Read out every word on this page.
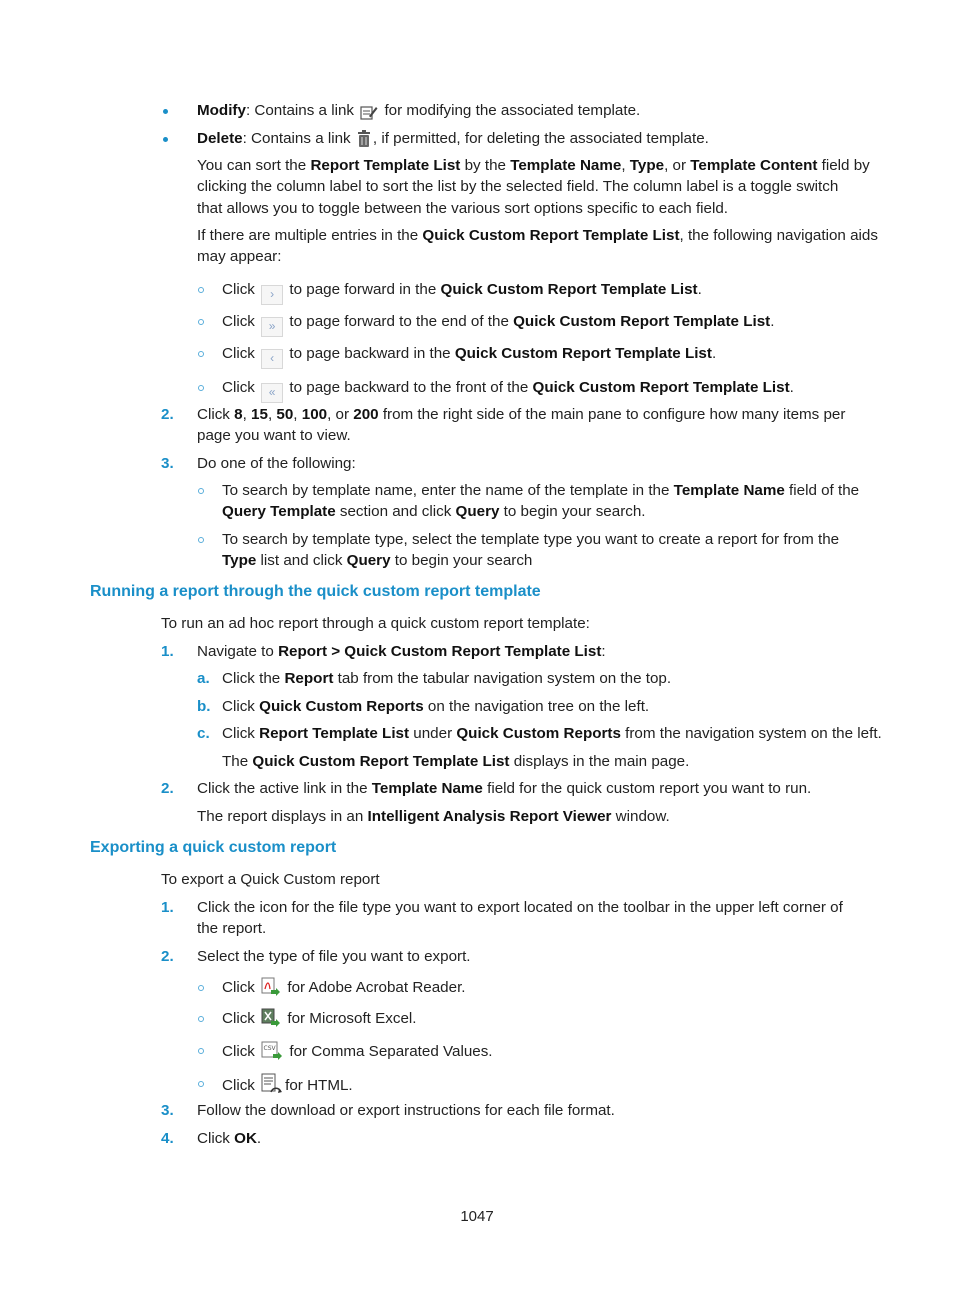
Modify: Contains a link  for modifying the associated template.
Delete: Contains a link , if permitted, for deleting the associated template.
You can sort the Report Template List by the Template Name, Type, or Template Content field by
clicking the column label to sort the list by the selected field. The column label is a toggle switch
that allows you to toggle between the various sort options specific to each field.
If there are multiple entries in the Quick Custom Report Template List, the following navigation aids
may appear:
Click › to page forward in the Quick Custom Report Template List.
Click » to page forward to the end of the Quick Custom Report Template List.
Click ‹ to page backward in the Quick Custom Report Template List.
Click « to page backward to the front of the Quick Custom Report Template List.
2. Click 8, 15, 50, 100, or 200 from the right side of the main pane to configure how many items per
page you want to view.
3. Do one of the following:
To search by template name, enter the name of the template in the Template Name field of the
Query Template section and click Query to begin your search.
To search by template type, select the template type you want to create a report for from the
Type list and click Query to begin your search
Running a report through the quick custom report template
To run an ad hoc report through a quick custom report template:
1. Navigate to Report > Quick Custom Report Template List:
a. Click the Report tab from the tabular navigation system on the top.
b. Click Quick Custom Reports on the navigation tree on the left.
c. Click Report Template List under Quick Custom Reports from the navigation system on the left.
The Quick Custom Report Template List displays in the main page.
2. Click the active link in the Template Name field for the quick custom report you want to run.
The report displays in an Intelligent Analysis Report Viewer window.
Exporting a quick custom report
To export a Quick Custom report
1. Click the icon for the file type you want to export located on the toolbar in the upper left corner of
the report.
2. Select the type of file you want to export.
Click  for Adobe Acrobat Reader.
Click  for Microsoft Excel.
Click CSV for Comma Separated Values.
Click for HTML.
3. Follow the download or export instructions for each file format.
4. Click OK.
1047
